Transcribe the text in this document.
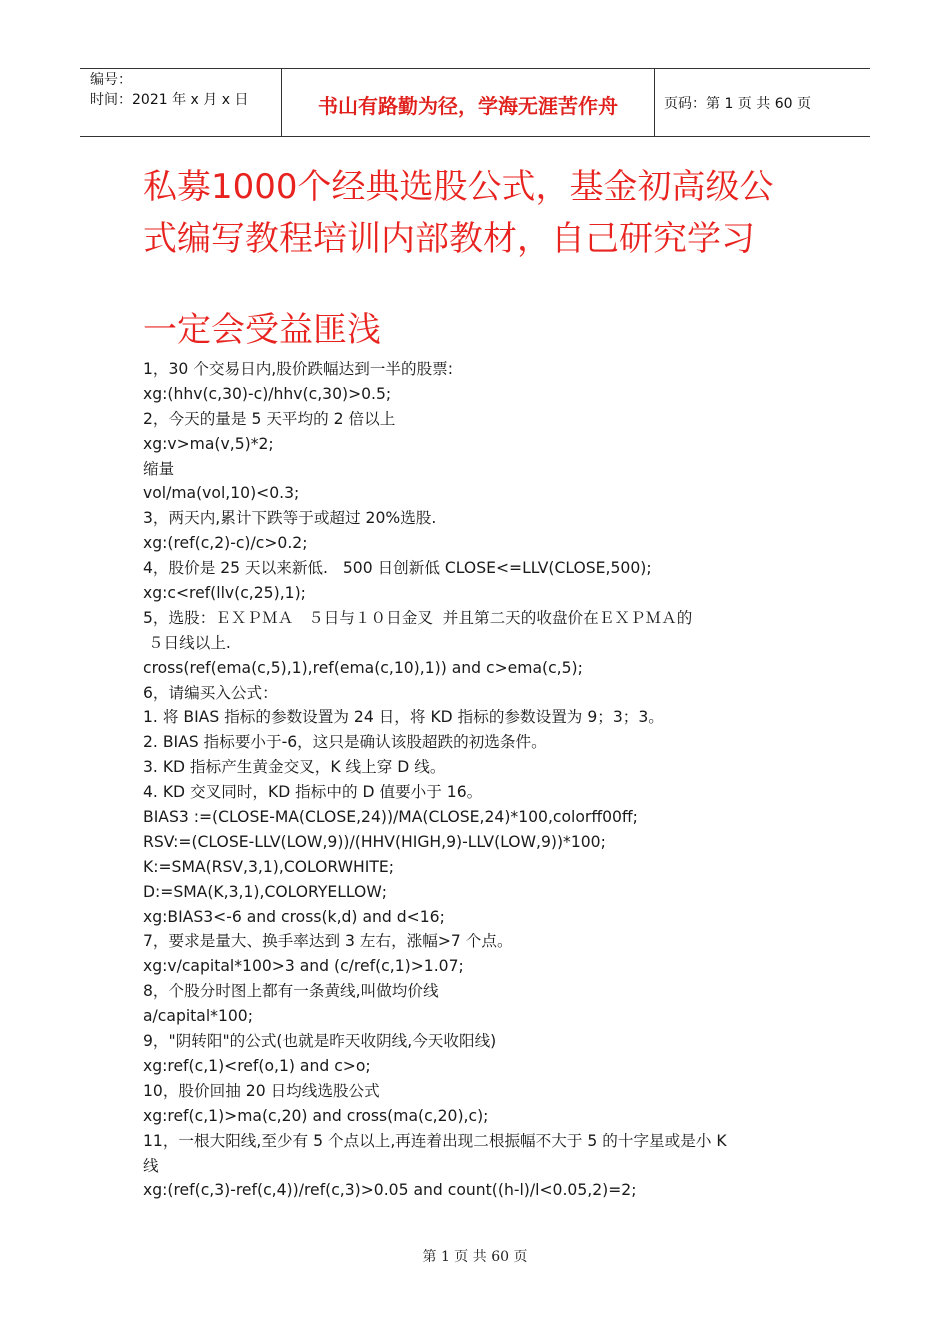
编号：
时间：2021 年 x 月 x 日	书山有路勤为径，学海无涯苦作舟	页码：第 1 页 共 60 页
私募1000个经典选股公式，基金初高级公
式编写教程培训内部教材，自己研究学习
一定会受益匪浅
1，30 个交易日内,股价跌幅达到一半的股票:
xg:(hhv(c,30)-c)/hhv(c,30)>0.5;
2，今天的量是 5 天平均的 2 倍以上
xg:v>ma(v,5)*2;
缩量
vol/ma(vol,10)<0.3;
3，两天内,累计下跌等于或超过 20%选股.
xg:(ref(c,2)-c)/c>0.2;
4，股价是 25 天以来新低.   500 日创新低 CLOSE<=LLV(CLOSE,500);
xg:c<ref(llv(c,25),1);
5，选股：ＥＸＰＭＡ   ５日与１０日金叉  并且第二天的收盘价在ＥＸＰＭＡ的
５日线以上.
cross(ref(ema(c,5),1),ref(ema(c,10),1)) and c>ema(c,5);
6，请编买入公式：
1. 将 BIAS 指标的参数设置为 24 日，将 KD 指标的参数设置为 9；3；3。
2. BIAS 指标要小于-6，这只是确认该股超跌的初选条件。
3. KD 指标产生黄金交叉，K 线上穿 D 线。
4. KD 交叉同时，KD 指标中的 D 值要小于 16。
BIAS3 :=(CLOSE-MA(CLOSE,24))/MA(CLOSE,24)*100,colorff00ff;
RSV:=(CLOSE-LLV(LOW,9))/(HHV(HIGH,9)-LLV(LOW,9))*100;
K:=SMA(RSV,3,1),COLORWHITE;
D:=SMA(K,3,1),COLORYELLOW;
xg:BIAS3<-6 and cross(k,d) and d<16;
7，要求是量大、换手率达到 3 左右，涨幅>7 个点。
xg:v/capital*100>3 and (c/ref(c,1)>1.07;
8，个股分时图上都有一条黄线,叫做均价线
a/capital*100;
9，"阴转阳"的公式(也就是昨天收阴线,今天收阳线)
xg:ref(c,1)<ref(o,1) and c>o;
10，股价回抽 20 日均线选股公式
xg:ref(c,1)>ma(c,20) and cross(ma(c,20),c);
11，一根大阳线,至少有 5 个点以上,再连着出现二根振幅不大于 5 的十字星或是小 K
线
xg:(ref(c,3)-ref(c,4))/ref(c,3)>0.05 and count((h-l)/l<0.05,2)=2;
第 1 页 共 60 页
